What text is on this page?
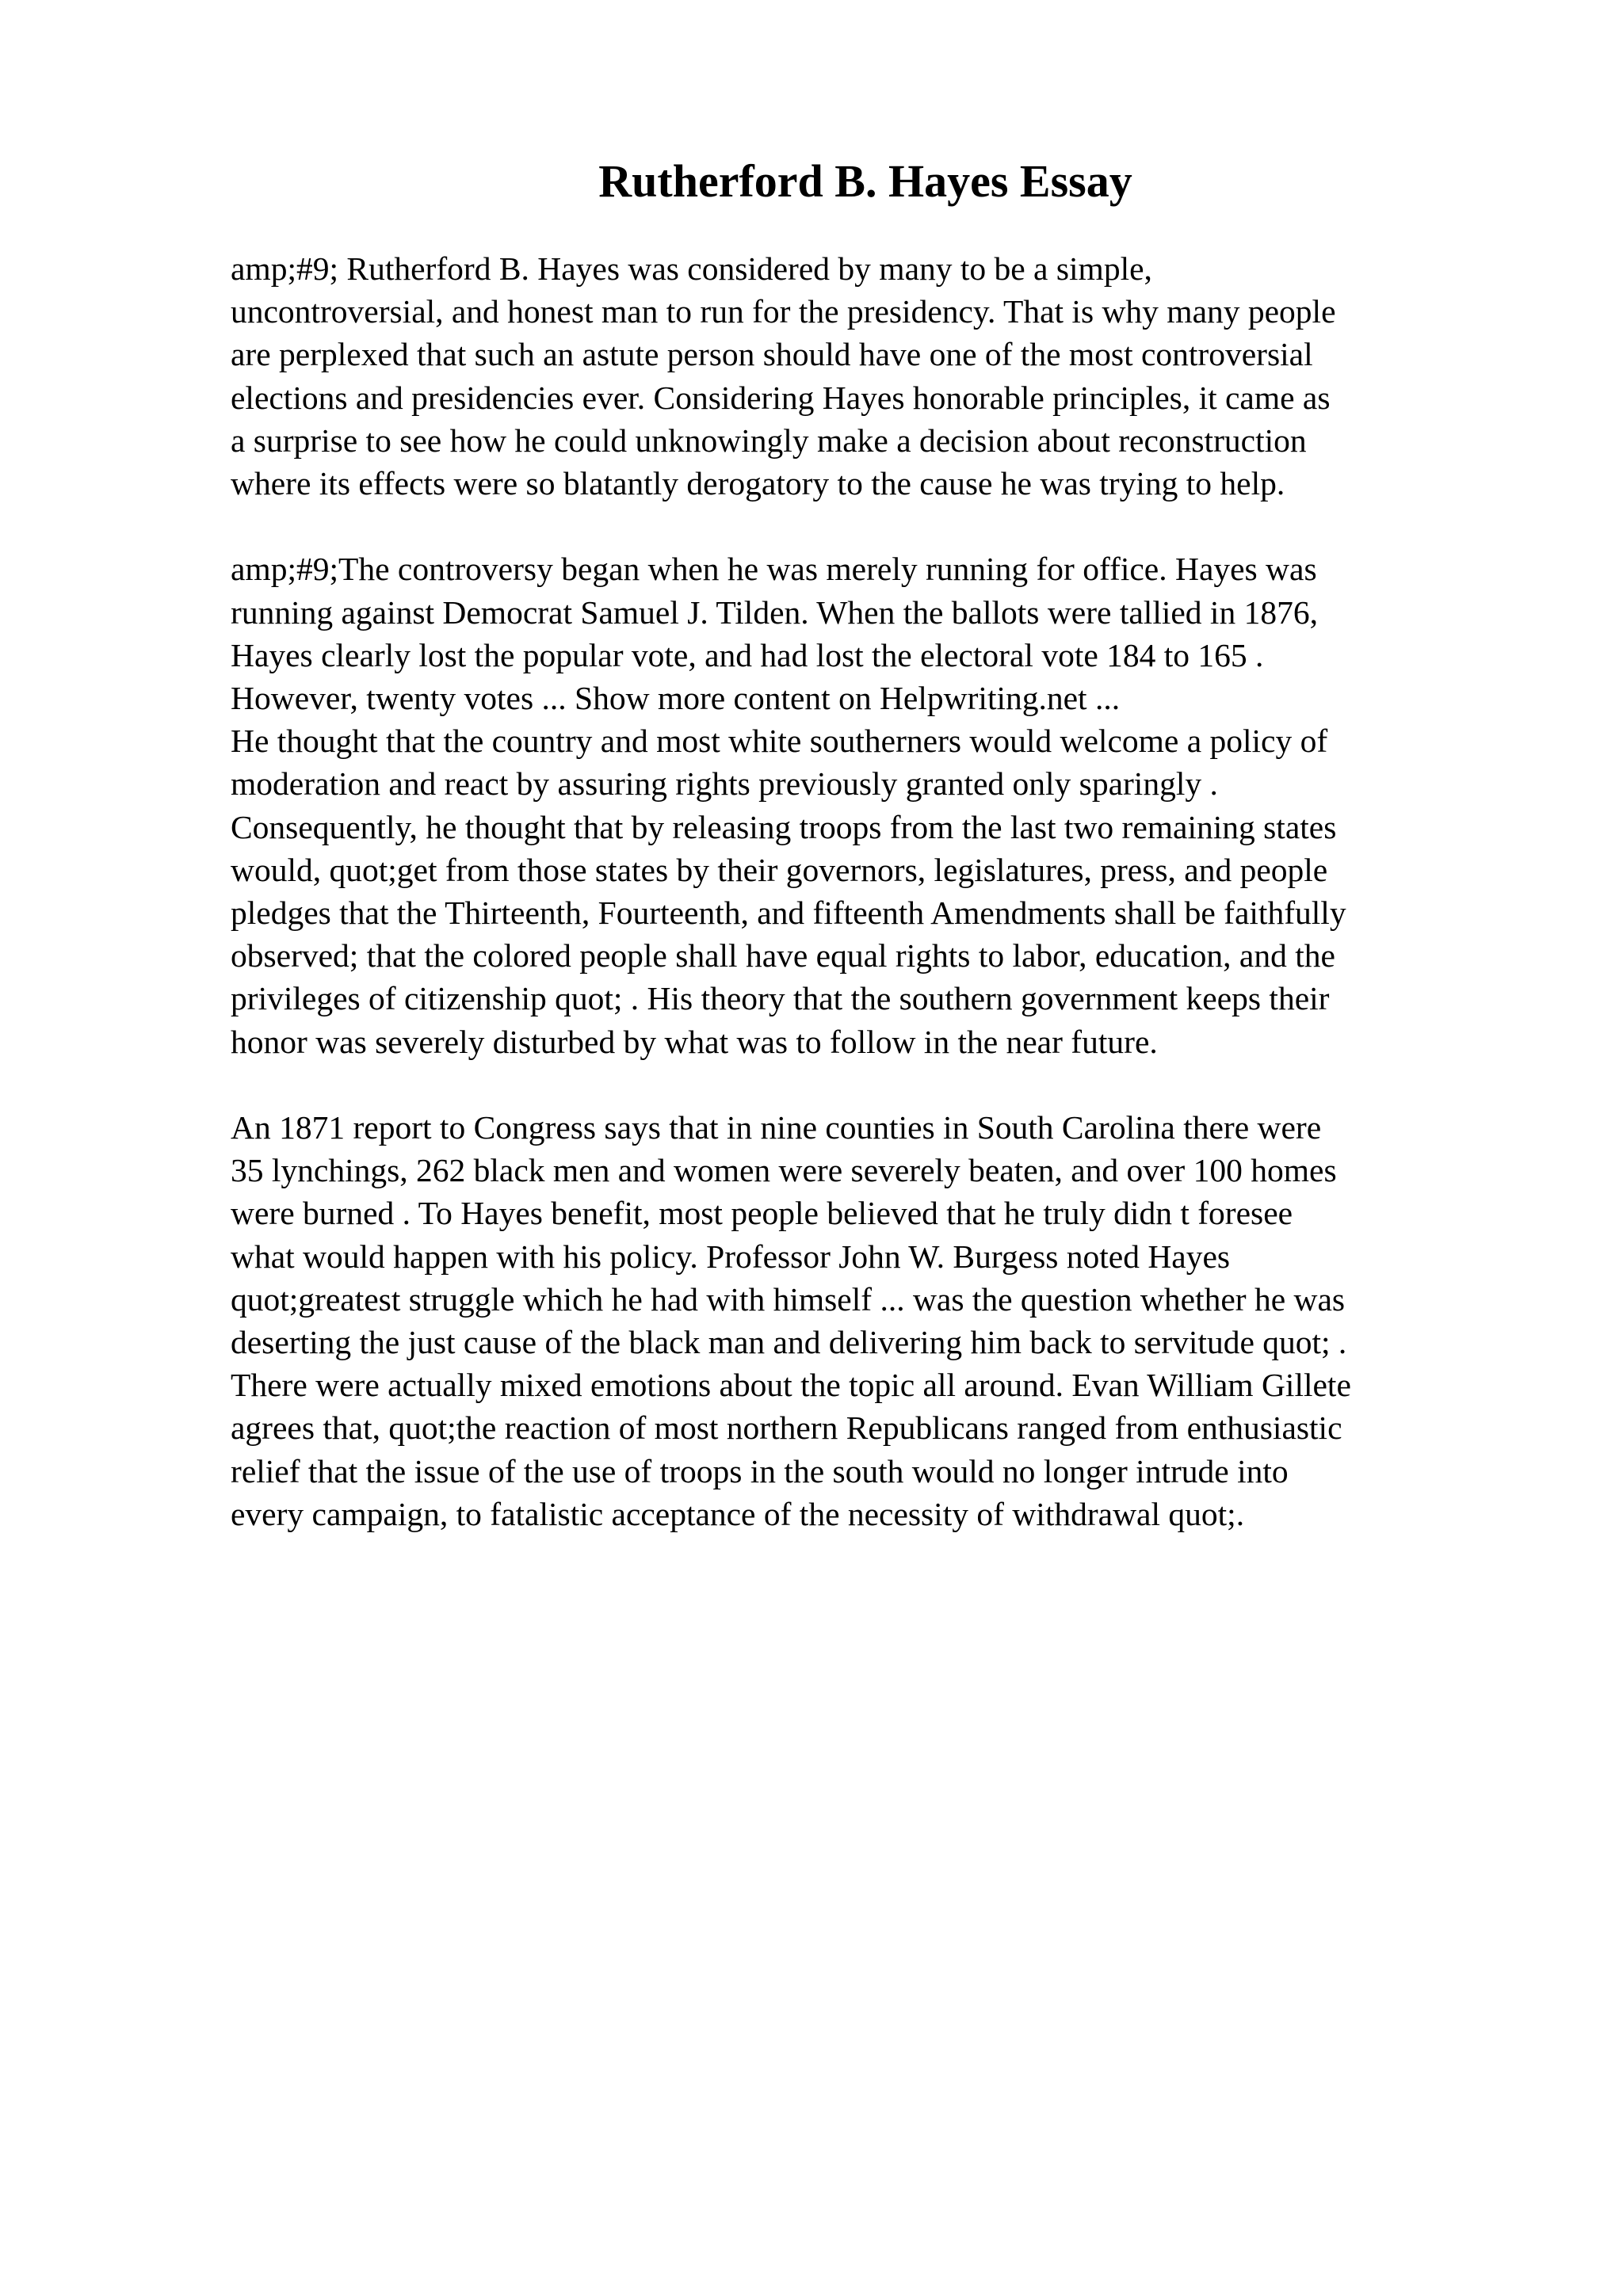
Rutherford B. Hayes Essay

amp;#9; Rutherford B. Hayes was considered by many to be a simple,
uncontroversial, and honest man to run for the presidency. That is why many people
are perplexed that such an astute person should have one of the most controversial
elections and presidencies ever. Considering Hayes honorable principles, it came as
a surprise to see how he could unknowingly make a decision about reconstruction
where its effects were so blatantly derogatory to the cause he was trying to help.

amp;#9;The controversy began when he was merely running for office. Hayes was
running against Democrat Samuel J. Tilden. When the ballots were tallied in 1876,
Hayes clearly lost the popular vote, and had lost the electoral vote 184 to 165 .
However, twenty votes ... Show more content on Helpwriting.net ...
He thought that the country and most white southerners would welcome a policy of
moderation and react by assuring rights previously granted only sparingly .
Consequently, he thought that by releasing troops from the last two remaining states
would, quot;get from those states by their governors, legislatures, press, and people
pledges that the Thirteenth, Fourteenth, and fifteenth Amendments shall be faithfully
observed; that the colored people shall have equal rights to labor, education, and the
privileges of citizenship quot; . His theory that the southern government keeps their
honor was severely disturbed by what was to follow in the near future.

An 1871 report to Congress says that in nine counties in South Carolina there were
35 lynchings, 262 black men and women were severely beaten, and over 100 homes
were burned . To Hayes benefit, most people believed that he truly didn t foresee
what would happen with his policy. Professor John W. Burgess noted Hayes
quot;greatest struggle which he had with himself ... was the question whether he was
deserting the just cause of the black man and delivering him back to servitude quot; .
There were actually mixed emotions about the topic all around. Evan William Gillete
agrees that, quot;the reaction of most northern Republicans ranged from enthusiastic
relief that the issue of the use of troops in the south would no longer intrude into
every campaign, to fatalistic acceptance of the necessity of withdrawal quot;.
